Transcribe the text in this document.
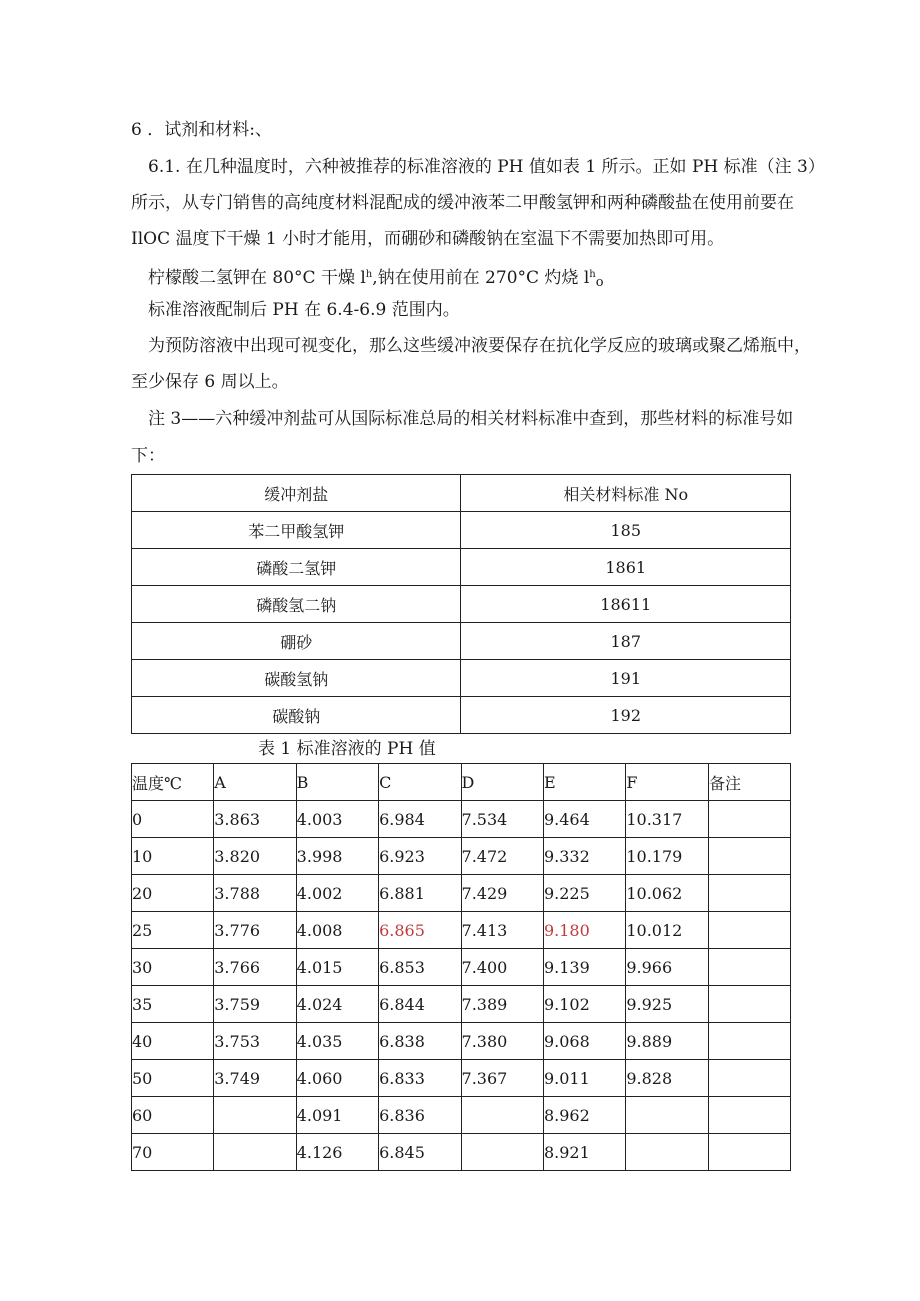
6 ．试剂和材料:、
6.1. 在几种温度时，六种被推荐的标准溶液的 PH 值如表 1 所示。正如 PH 标准（注 3）
所示，从专门销售的高纯度材料混配成的缓冲液苯二甲酸氢钾和两种磷酸盐在使用前要在
IlOC 温度下干燥 1 小时才能用，而硼砂和磷酸钠在室温下不需要加热即可用。
柠檬酸二氢钾在 80°C 干燥 $l^h$,钠在使用前在 270°C 灼烧 $l^ho$
标准溶液配制后 PH 在 6.4-6.9 范围内。
为预防溶液中出现可视变化，那么这些缓冲液要保存在抗化学反应的玻璃或聚乙烯瓶中，
至少保存 6 周以上。
注 3——六种缓冲剂盐可从国际标准总局的相关材料标准中查到，那些材料的标准号如
下：
缓冲剂盐	相关材料标准 No
苯二甲酸氢钾	185
磷酸二氢钾	1861
磷酸氢二钠	18611
硼砂	187
碳酸氢钠	191
碳酸钠	192
表 1 标准溶液的 PH 值
温度℃	A	B	C	D	E	F	备注
0	3.863	4.003	6.984	7.534	9.464	10.317	
10	3.820	3.998	6.923	7.472	9.332	10.179	
20	3.788	4.002	6.881	7.429	9.225	10.062	
25	3.776	4.008	6.865	7.413	9.180	10.012	
30	3.766	4.015	6.853	7.400	9.139	9.966	
35	3.759	4.024	6.844	7.389	9.102	9.925	
40	3.753	4.035	6.838	7.380	9.068	9.889	
50	3.749	4.060	6.833	7.367	9.011	9.828	
60		4.091	6.836		8.962		
70		4.126	6.845		8.921		
